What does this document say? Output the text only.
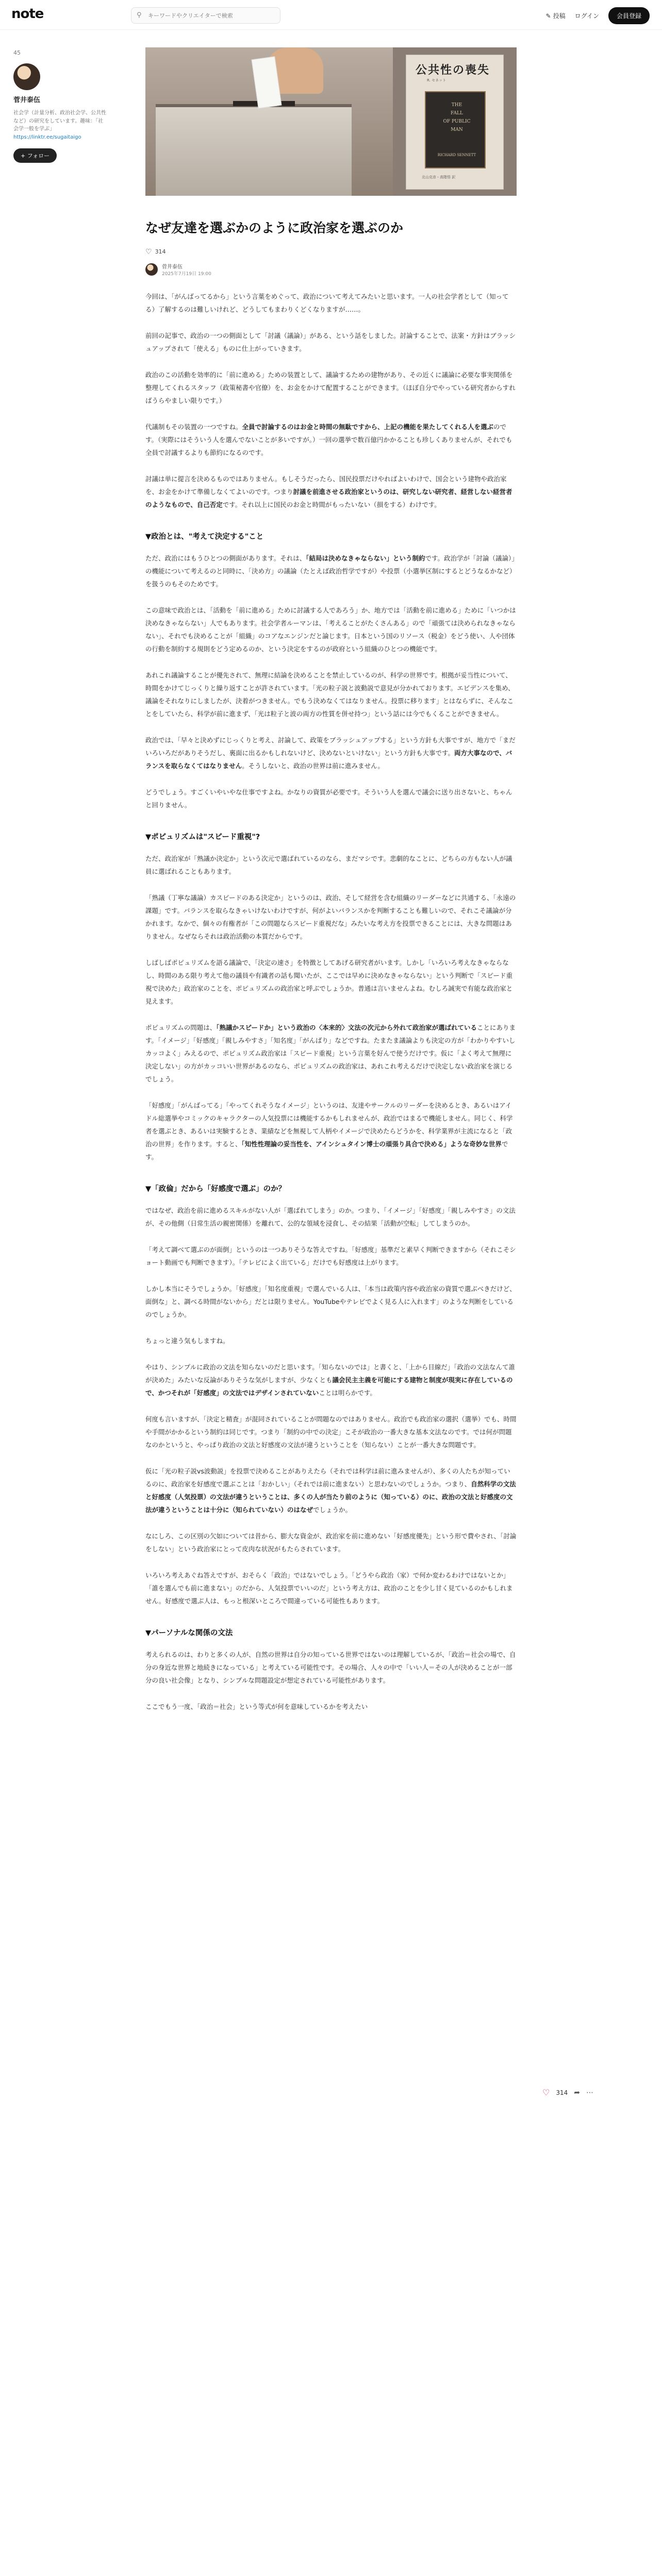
note	⚲
キーワードやクリエイターで検索	✎ 投稿 ログイン	会員登録
45
菅井泰伍
社会学（計量分析、政治社会学、公共性など）の研究をしています。趣味：「社会学一般を学ぶ」
https://linktr.ee/sugaitaigo
+ フォロー
公共性の喪失
R. セネット
THE
FALL
OF PUBLIC
MAN
RICHARD SENNETT
北山克彦・高階悟 訳
なぜ友達を選ぶかのように政治家を選ぶのか
♡ 314
菅井泰伍
2025年7月19日 19:00

今回は、「がんばってるから」という言葉をめぐって、政治について考えてみたいと思います。一人の社会学者として（知ってる）了解するのは難しいけれど、どうしてもまわりくどくなりますが……。

前回の記事で、政治の一つの側面として「討議（議論）」がある、という話をしました。討論することで、法案・方針はブラッシュアップされて「使える」ものに仕上がっていきます。

政治のこの活動を効率的に「前に進める」ための装置として、議論するための建物があり、その近くに議論に必要な事実関係を整理してくれるスタッフ（政策秘書や官僚）を、お金をかけて配置することができます。（ほぼ自分でやっている研究者からすればうらやましい限りです。）

代議制もその装置の一つですね。全員で討論するのはお金と時間の無駄ですから、上記の機能を果たしてくれる人を選ぶのです。（実際にはそういう人を選んでないことが多いですが。）一回の選挙で数百億円かかることも珍しくありませんが、それでも全員で討議するよりも節約になるのです。

討議は単に提言を決めるものではありません。もしそうだったら、国民投票だけやればよいわけで、国会という建物や政治家を、お金をかけて準備しなくてよいのです。つまり討議を前進させる政治家というのは、研究しない研究者、経営しない経営者のようなもので、自己否定です。それ以上に国民のお金と時間がもったいない（損をする）わけです。

▼政治とは、"考えて決定する"こと

ただ、政治にはもうひとつの側面があります。それは、「結局は決めなきゃならない」という制約です。政治学が「討論（議論）」の機能について考えるのと同時に、「決め方」の議論（たとえば政治哲学ですが）や投票（小選挙区制にするとどうなるかなど）を扱うのもそのためです。

この意味で政治とは、「活動を「前に進める」ために討議する人であろう」か、地方では「活動を前に進める」ために「いつかは決めなきゃならない」人でもあります。社会学者ルーマンは、「考えることがたくさんある」ので「頑張ては決められなきゃならない」、それでも決めることが「組織」のコアなエンジンだと論じます。日本という国のリソース（税金）をどう使い、人や団体の行動を制約する規則をどう定めるのか、という決定をするのが政府という組織のひとつの機能です。

あれこれ議論することが優先されて、無理に結論を決めることを禁止しているのが、科学の世界です。根拠が妥当性について、時間をかけてじっくりと繰り返すことが許されています。「光の粒子説と波動説で意見が分かれております。エビデンスを集め、議論をそれなりにしましたが、決着がつきません。でもう決めなくてはなりません。投票に移ります」とはならずに、そんなことをしていたら、科学が前に進まず、「光は粒子と波の両方の性質を併せ持つ」という話には今でもくることができません。

政治では、「早々と決めずにじっくりと考え、討論して、政策をブラッシュアップする」という方針も大事ですが、地方で「まだいろいろだがありそうだし、裏面に出るかもしれないけど、決めないといけない」という方針も大事です。両方大事なので、バランスを取らなくてはなりません。そうしないと、政治の世界は前に進みません。

どうでしょう。すごくいやいやな仕事ですよね。かなりの資質が必要です。そういう人を選んで議会に送り出さないと、ちゃんと回りません。

▼ポピュリズムは"スピード重視"?

ただ、政治家が「熟議か決定か」という次元で選ばれているのなら、まだマシです。悲劇的なことに、どちらの方もない人が議員に選ばれることもあります。

「熟議（丁寧な議論）カスピードのある決定か」というのは、政治、そして経営を含む組織のリーダーなどに共通する、「永遠の課題」です。バランスを取らなきゃいけないわけですが、何がよいバランスかを判断することも難しいので、それこそ議論が分かれます。なかで、個々の有権者が「この問題ならスピード重視だな」みたいな考え方を投票できることには、大きな問題はありません。なぜならそれは政治活動の本質だからです。

しばしばポピュリズムを語る議論で、「決定の速さ」を特徴としてあげる研究者がいます。しかし「いろいろ考えなきゃならなし、時間のある限り考えて他の議員や有識者の話も聞いたが、ここでは早めに決めなきゃならない」という判断で「スピード重視で決めた」政治家のことを、ポピュリズムの政治家と呼ぶでしょうか。普通は言いませんよね。むしろ誠実で有能な政治家と見えます。

ポピュリズムの問題は、「熟議かスピードか」という政治の〈本来的〉文法の次元から外れて政治家が選ばれていることにあります。「イメージ」「好感度」「親しみやすさ」「知名度」「がんばり」などですね。たまたま議論よりも決定の方が「わかりやすいしカッコよく」みえるので、ポピュリズム政治家は「スピード重視」という言葉を好んで使うだけです。仮に「よく考えて無理に決定しない」の方がカッコいい世界があるのなら、ポピュリズムの政治家は、あれこれ考えるだけで決定しない政治家を演じるでしょう。

「好感度」「がんばってる」「やってくれそうなイメージ」というのは、友達やサークルのリーダーを決めるとき、あるいはアイドル総選挙やコミックのキャラクターの人気投票には機能するかもしれませんが、政治ではまるで機能しません。同じく、科学者を選ぶとき、あるいは実験するとき、業績などを無視して人柄やイメージで決めたらどうかを、科学業界が主流になると「政治の世界」を作ります。すると、「知性性理論の妥当性を、アインシュタイン博士の頑張り具合で決める」ような奇妙な世界です。

▼「政倫」だから「好感度で選ぶ」のか？

ではなぜ、政治を前に進めるスキルがない人が「選ばれてしまう」のか。つまり、「イメージ」「好感度」「親しみやすさ」の文法が、その他側（日常生活の親密関係）を離れて、公的な領域を浸食し、その結果「活動が空転」してしまうのか。

「考えて調べて選ぶのが面倒」というのは一つありそうな答えですね。「好感度」基準だと素早く判断できますから（それこそショート動画でも判断できます）。「テレビによく出ている」だけでも好感度は上がります。

しかし本当にそうでしょうか。「好感度」「知名度重視」で選んでいる人は、「本当は政策内容や政治家の資質で選ぶべきだけど、面倒な」と、調べる時間がないから」だとは限りません。YouTubeやテレビでよく見る人に入れます」のような判断をしているのでしょうか。

ちょっと違う気もしますね。

やはり、シンプルに政治の文法を知らないのだと思います。「知らないのでは」と書くと、「上から目線だ」「政治の文法なんて誰が決めた」みたいな反論がありそうな気がしますが、少なくとも議会民主主義を可能にする建物と制度が現実に存在しているので、かつそれが「好感度」の文法ではデザインされていないことは明らかです。

何度も言いますが、「決定と精査」が混同されていることが問題なのではありません。政治でも政治家の選択（選挙）でも、時間や手間がかかるという制約は同じです。つまり「制約の中での決定」こそが政治の一番大きな基本文法なのです。では何が問題なのかというと、やっぱり政治の文法と好感度の文法が違うということを（知らない）ことが一番大きな問題です。

仮に「光の粒子説vs波動説」を投票で決めることがありえたら（それでは科学は前に進みませんが）、多くの人たちが知っているのに、政治家を好感度で選ぶことは「おかしい」（それでは前に進まない）と思わないのでしょうか。つまり、自然科学の文法と好感度（人気投票）の文法が違うということは、多くの人が当たり前のように（知っている）のに、政治の文法と好感度の文法が違うということは十分に（知られていない）のはなぜでしょうか。

なにしろ、この区別の欠如については昔から、膨大な資金が、政治家を前に進めない「好感度優先」という形で費やされ、「討論をしない」という政治家にとって皮肉な状況がもたらされています。

いろいろ考えあぐね答えですが、おそらく「政治」ではないでしょう。「どうやら政治（家）で何か変わるわけではないとか」「誰を選んでも前に進まない」のだから、人気投票でいいのだ」という考え方は、政治のことを少し甘く見ているのかもしれません。好感度で選ぶ人は、もっと根深いところで間違っている可能性もあります。

▼パーソナルな関係の文法

考えられるのは、わりと多くの人が、自然の世界は自分の知っている世界ではないのは理解しているが、「政治＝社会の場で、自分の身近な世界と地続きになっている」と考えている可能性です。その場合、人々の中で「いい人＝その人が決めることが一部分の良い社会像」となり、シンプルな問題設定が想定されている可能性があります。

ここでもう一度、「政治＝社会」という等式が何を意味しているかを考えたい

♡ 314 ➦ ⋯
